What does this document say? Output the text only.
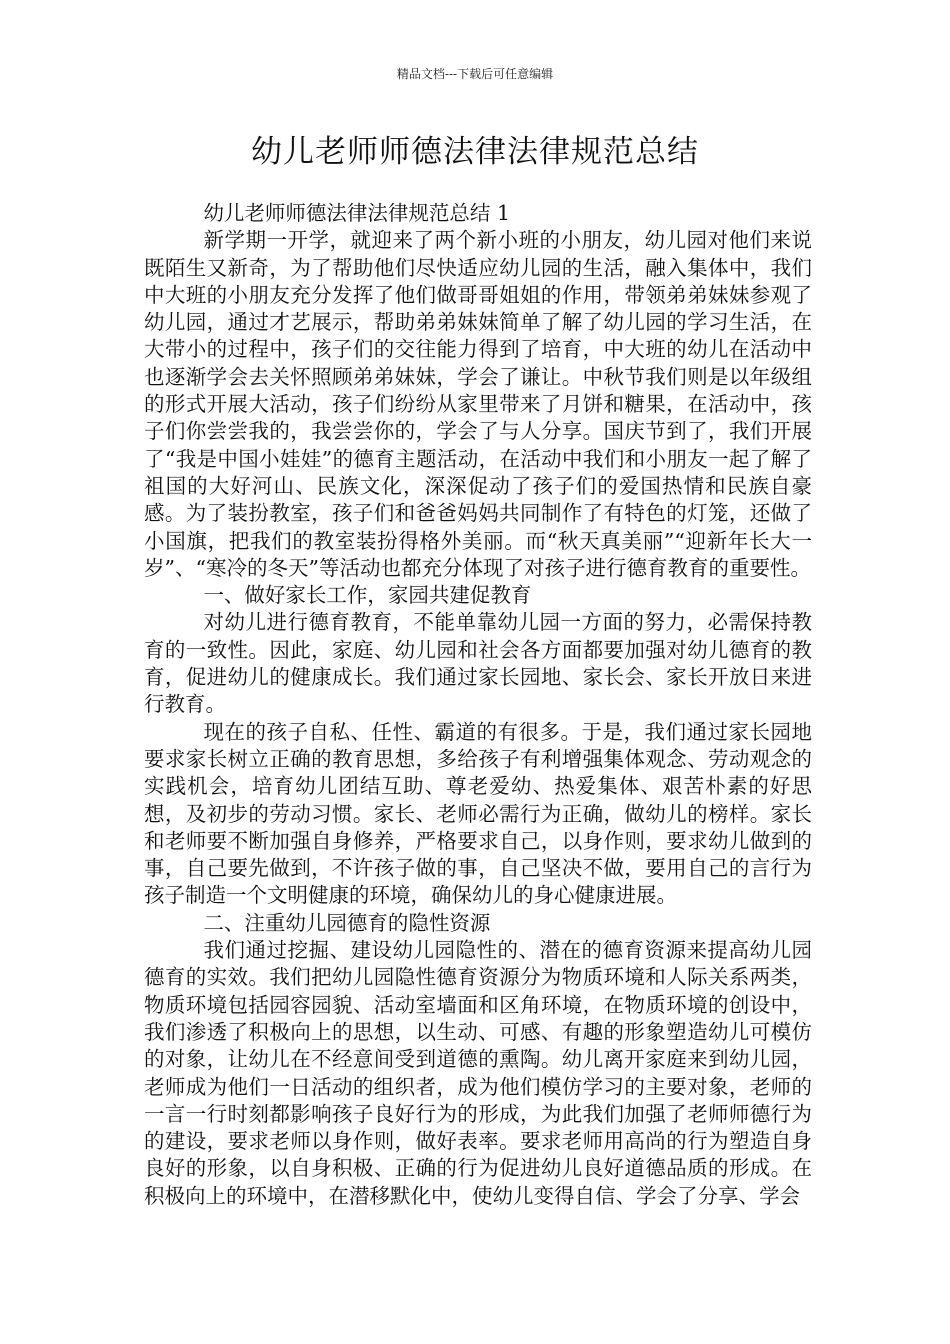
精品文档---下载后可任意编辑
幼儿老师师德法律法律规范总结

幼儿老师师德法律法律规范总结 1

新学期一开学，就迎来了两个新小班的小朋友，幼儿园对他们来说既陌生又新奇，为了帮助他们尽快适应幼儿园的生活，融入集体中，我们中大班的小朋友充分发挥了他们做哥哥姐姐的作用，带领弟弟妹妹参观了幼儿园，通过才艺展示，帮助弟弟妹妹简单了解了幼儿园的学习生活，在大带小的过程中，孩子们的交往能力得到了培育，中大班的幼儿在活动中也逐渐学会去关怀照顾弟弟妹妹，学会了谦让。中秋节我们则是以年级组的形式开展大活动，孩子们纷纷从家里带来了月饼和糖果，在活动中，孩子们你尝尝我的，我尝尝你的，学会了与人分享。国庆节到了，我们开展了“我是中国小娃娃”的德育主题活动，在活动中我们和小朋友一起了解了祖国的大好河山、民族文化，深深促动了孩子们的爱国热情和民族自豪感。为了装扮教室，孩子们和爸爸妈妈共同制作了有特色的灯笼，还做了小国旗，把我们的教室装扮得格外美丽。而“秋天真美丽”“迎新年长大一岁”、“寒冷的冬天”等活动也都充分体现了对孩子进行德育教育的重要性。

一、做好家长工作，家园共建促教育

对幼儿进行德育教育，不能单靠幼儿园一方面的努力，必需保持教育的一致性。因此，家庭、幼儿园和社会各方面都要加强对幼儿德育的教育，促进幼儿的健康成长。我们通过家长园地、家长会、家长开放日来进行教育。

现在的孩子自私、任性、霸道的有很多。于是，我们通过家长园地要求家长树立正确的教育思想，多给孩子有利增强集体观念、劳动观念的实践机会，培育幼儿团结互助、尊老爱幼、热爱集体、艰苦朴素的好思想，及初步的劳动习惯。家长、老师必需行为正确，做幼儿的榜样。家长和老师要不断加强自身修养，严格要求自己，以身作则，要求幼儿做到的事，自己要先做到，不许孩子做的事，自己坚决不做，要用自己的言行为孩子制造一个文明健康的环境，确保幼儿的身心健康进展。

二、注重幼儿园德育的隐性资源

我们通过挖掘、建设幼儿园隐性的、潜在的德育资源来提高幼儿园德育的实效。我们把幼儿园隐性德育资源分为物质环境和人际关系两类，物质环境包括园容园貌、活动室墙面和区角环境，在物质环境的创设中，我们渗透了积极向上的思想，以生动、可感、有趣的形象塑造幼儿可模仿的对象，让幼儿在不经意间受到道德的熏陶。幼儿离开家庭来到幼儿园，老师成为他们一日活动的组织者，成为他们模仿学习的主要对象，老师的一言一行时刻都影响孩子良好行为的形成，为此我们加强了老师师德行为的建设，要求老师以身作则，做好表率。要求老师用高尚的行为塑造自身良好的形象，以自身积极、正确的行为促进幼儿良好道德品质的形成。在积极向上的环境中，在潜移默化中，使幼儿变得自信、学会了分享、学会
